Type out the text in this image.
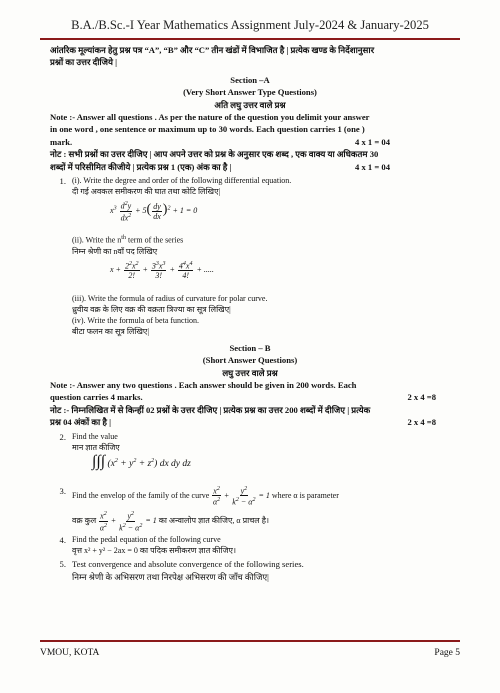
B.A./B.Sc.-I Year Mathematics Assignment July-2024 & January-2025
आंतरिक मूल्यांकन हेतु प्रश्न पत्र “A”, “B” और “C” तीन खंडों में विभाजित है | प्रत्येक खण्ड के निर्देशानुसार
प्रश्नों का उत्तर दीजिये |
Section –A
(Very Short Answer Type Questions)
अति लघु उत्तर वाले प्रश्न
Note :- Answer all questions . As per the nature of the question you delimit your answer
in one word , one sentence or maximum up to 30 words. Each question carries 1 (one )
mark.	4 x 1 = 04
नोट : सभी प्रश्नों का उत्तर दीजिए | आप अपने उत्तर को प्रश्न के अनुसार एक शब्द , एक वाक्य या अधिकतम 30
शब्दों में परिसीमित कीजीये | प्रत्येक प्रश्न 1 (एक) अंक का है |	4 x 1 = 04
1. (i). Write the degree and order of the following differential equation.
दी गई अवकल समीकरण की घात तथा कोटि लिखिए|
$x^3 \frac{d^2y}{dx^2} + 5( \frac{dy}{dx} )^2 + 1 = 0$
(ii). Write the $n^{th}$ term of the series
निम्न श्रेणी का nवाँ पद लिखिए
$x + \frac{2^2x^2}{2!} + \frac{3^3x^3}{3!} + \frac{4^4x^4}{4!}$ + .....
(iii). Write the formula of radius of curvature for polar curve.
ध्रुवीय वक्र के लिए वक्र की वक्रता त्रिज्या का सूत्र लिखिए|
(iv). Write the formula of beta function.
बीटा फलन का सूत्र लिखिए|
Section – B
(Short Answer Questions)
लघु उत्तर वाले प्रश्न
Note :- Answer any two questions . Each answer should be given in 200 words. Each
question carries 4 marks.	2 x 4 =8
नोट :- निम्नलिखित में से किन्हीं 02 प्रश्नों के उत्तर दीजिए | प्रत्येक प्रश्न का उत्तर 200 शब्दों में दीजिए | प्रत्येक
प्रश्न 04 अंकों का है |	2 x 4 =8
2. Find the value
मान ज्ञात कीजिए
∫∫∫ $(x^2 + y^2 + z^2)$ dx dy dz
3. Find the envelop of the family of the curve $\frac{x^2}{\alpha^2} + \frac{y^2}{k^2 - \alpha^2} = 1$ where α is parameter
वक्र कुल $\frac{x^2}{\alpha^2} + \frac{y^2}{k^2 - \alpha^2} = 1$ का अन्वालोप ज्ञात कीजिए, α प्राचल है।
4. Find the pedal equation of the following curve
वृत्त x² + y² − 2ax = 0 का पदिक समीकरण ज्ञात कीजिए।
5. Test convergence and absolute convergence of the following series.
निम्न श्रेणी के अभिसरण तथा निरपेक्ष अभिसरण की जाँच कीजिए|
VMOU, KOTA	Page 5
